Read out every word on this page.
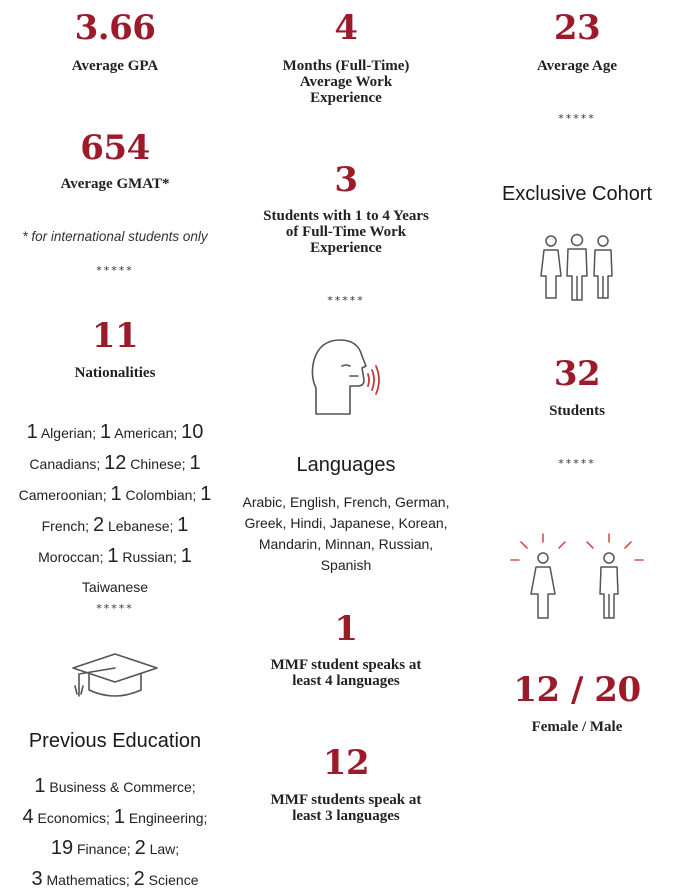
3.66
Average GPA
654
Average GMAT*
* for international students only
*****
11
Nationalities
1 Algerian; 1 American; 10
Canadians; 12 Chinese; 1
Cameroonian; 1 Colombian; 1
French; 2 Lebanese; 1
Moroccan; 1 Russian; 1
Taiwanese
*****
Previous Education
1 Business & Commerce;
4 Economics; 1 Engineering;
19 Finance; 2 Law;
3 Mathematics; 2 Science
4
Months (Full-Time) Average Work Experience
3
Students with 1 to 4 Years of Full-Time Work Experience
*****
Languages
Arabic, English, French, German, Greek, Hindi, Japanese, Korean, Mandarin, Minnan, Russian, Spanish
1
MMF student speaks at least 4 languages
12
MMF students speak at least 3 languages
23
Average Age
*****
Exclusive Cohort
32
Students
*****
12 / 20
Female / Male
